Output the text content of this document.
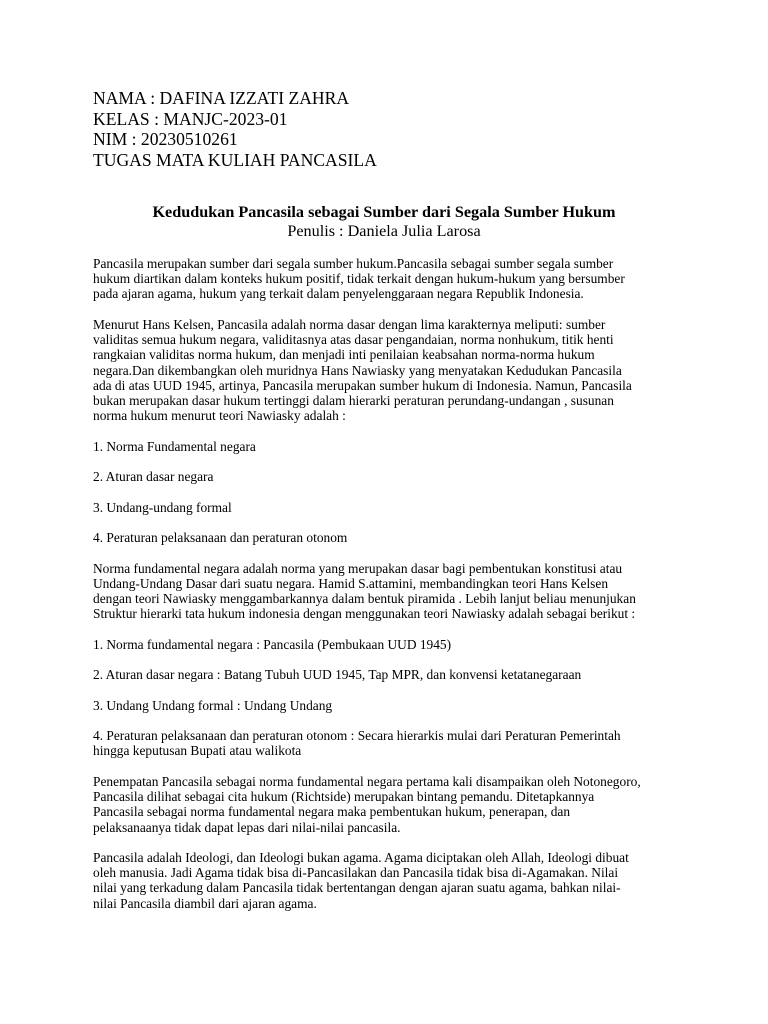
NAMA : DAFINA IZZATI ZAHRA
KELAS : MANJC-2023-01
NIM : 20230510261
TUGAS MATA KULIAH PANCASILA
Kedudukan Pancasila sebagai Sumber dari Segala Sumber Hukum
Penulis : Daniela Julia Larosa
Pancasila merupakan sumber dari segala sumber hukum.Pancasila sebagai sumber segala sumber
hukum diartikan dalam konteks hukum positif, tidak terkait dengan hukum-hukum yang bersumber
pada ajaran agama, hukum yang terkait dalam penyelenggaraan negara Republik Indonesia.
Menurut Hans Kelsen, Pancasila adalah norma dasar dengan lima karakternya meliputi: sumber
validitas semua hukum negara, validitasnya atas dasar pengandaian, norma nonhukum, titik henti
rangkaian validitas norma hukum, dan menjadi inti penilaian keabsahan norma-norma hukum
negara.Dan dikembangkan oleh muridnya Hans Nawiasky yang menyatakan Kedudukan Pancasila
ada di atas UUD 1945, artinya, Pancasila merupakan sumber hukum di Indonesia. Namun, Pancasila
bukan merupakan dasar hukum tertinggi dalam hierarki peraturan perundang-undangan , susunan
norma hukum menurut teori Nawiasky adalah :
1. Norma Fundamental negara
2. Aturan dasar negara
3. Undang-undang formal
4. Peraturan pelaksanaan dan peraturan otonom
Norma fundamental negara adalah norma yang merupakan dasar bagi pembentukan konstitusi atau
Undang-Undang Dasar dari suatu negara. Hamid S.attamini, membandingkan teori Hans Kelsen
dengan teori Nawiasky menggambarkannya dalam bentuk piramida . Lebih lanjut beliau menunjukan
Struktur hierarki tata hukum indonesia dengan menggunakan teori Nawiasky adalah sebagai berikut :
1. Norma fundamental negara : Pancasila (Pembukaan UUD 1945)
2. Aturan dasar negara : Batang Tubuh UUD 1945, Tap MPR, dan konvensi ketatanegaraan
3. Undang Undang formal : Undang Undang
4. Peraturan pelaksanaan dan peraturan otonom : Secara hierarkis mulai dari Peraturan Pemerintah
hingga keputusan Bupati atau walikota
Penempatan Pancasila sebagai norma fundamental negara pertama kali disampaikan oleh Notonegoro,
Pancasila dilihat sebagai cita hukum (Richtside) merupakan bintang pemandu. Ditetapkannya
Pancasila sebagai norma fundamental negara maka pembentukan hukum, penerapan, dan
pelaksanaanya tidak dapat lepas dari nilai-nilai pancasila.
Pancasila adalah Ideologi, dan Ideologi bukan agama. Agama diciptakan oleh Allah, Ideologi dibuat
oleh manusia. Jadi Agama tidak bisa di-Pancasilakan dan Pancasila tidak bisa di-Agamakan. Nilai
nilai yang terkadung dalam Pancasila tidak bertentangan dengan ajaran suatu agama, bahkan nilai-
nilai Pancasila diambil dari ajaran agama.
